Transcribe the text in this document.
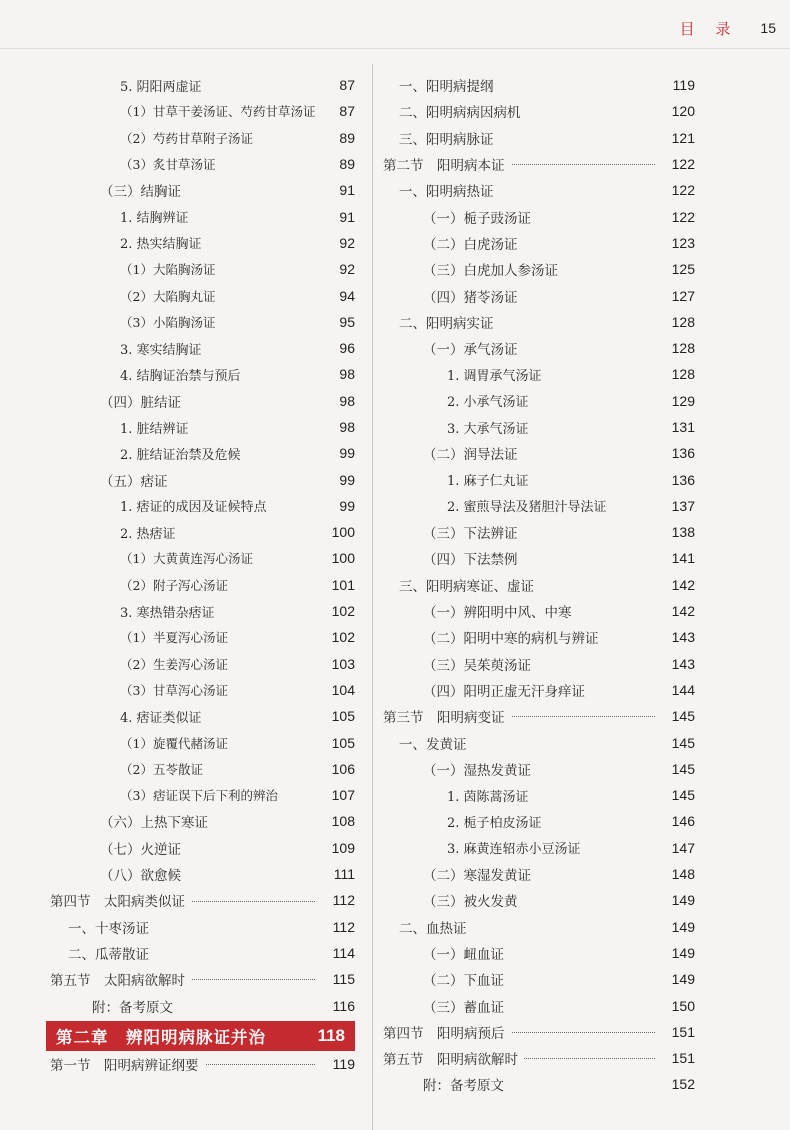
目 录 15
5. 阴阳两虚证	87
（1）甘草干姜汤证、芍药甘草汤证 87
（2）芍药甘草附子汤证	89
（3）炙甘草汤证	89
（三）结胸证	91
1. 结胸辨证	91
2. 热实结胸证	92
（1）大陷胸汤证	92
（2）大陷胸丸证	94
（3）小陷胸汤证	95
3. 寒实结胸证	96
4. 结胸证治禁与预后	98
（四）脏结证	98
1. 脏结辨证	98
2. 脏结证治禁及危候	99
（五）痞证	99
1. 痞证的成因及证候特点	99
2. 热痞证	100
（1）大黄黄连泻心汤证	100
（2）附子泻心汤证	101
3. 寒热错杂痞证	102
（1）半夏泻心汤证	102
（2）生姜泻心汤证	103
（3）甘草泻心汤证	104
4. 痞证类似证	105
（1）旋覆代赭汤证	105
（2）五苓散证	106
（3）痞证误下后下利的辨治	107
（六）上热下寒证	108
（七）火逆证	109
（八）欲愈候	111
第四节　太阳病类似证	112
一、十枣汤证	112
二、瓜蒂散证	114
第五节　太阳病欲解时	115
附：备考原文	116
第二章　辨阳明病脉证并治	118
第一节　阳明病辨证纲要	119
一、阳明病提纲	119
二、阳明病病因病机	120
三、阳明病脉证	121
第二节　阳明病本证	122
一、阳明病热证	122
（一）栀子豉汤证	122
（二）白虎汤证	123
（三）白虎加人参汤证	125
（四）猪苓汤证	127
二、阳明病实证	128
（一）承气汤证	128
1. 调胃承气汤证	128
2. 小承气汤证	129
3. 大承气汤证	131
（二）润导法证	136
1. 麻子仁丸证	136
2. 蜜煎导法及猪胆汁导法证	137
（三）下法辨证	138
（四）下法禁例	141
三、阳明病寒证、虚证	142
（一）辨阳明中风、中寒	142
（二）阳明中寒的病机与辨证	143
（三）吴茱萸汤证	143
（四）阳明正虚无汗身痒证	144
第三节　阳明病变证	145
一、发黄证	145
（一）湿热发黄证	145
1. 茵陈蒿汤证	145
2. 栀子柏皮汤证	146
3. 麻黄连轺赤小豆汤证	147
（二）寒湿发黄证	148
（三）被火发黄	149
二、血热证	149
（一）衄血证	149
（二）下血证	149
（三）蓄血证	150
第四节　阳明病预后	151
第五节　阳明病欲解时	151
附：备考原文	152
